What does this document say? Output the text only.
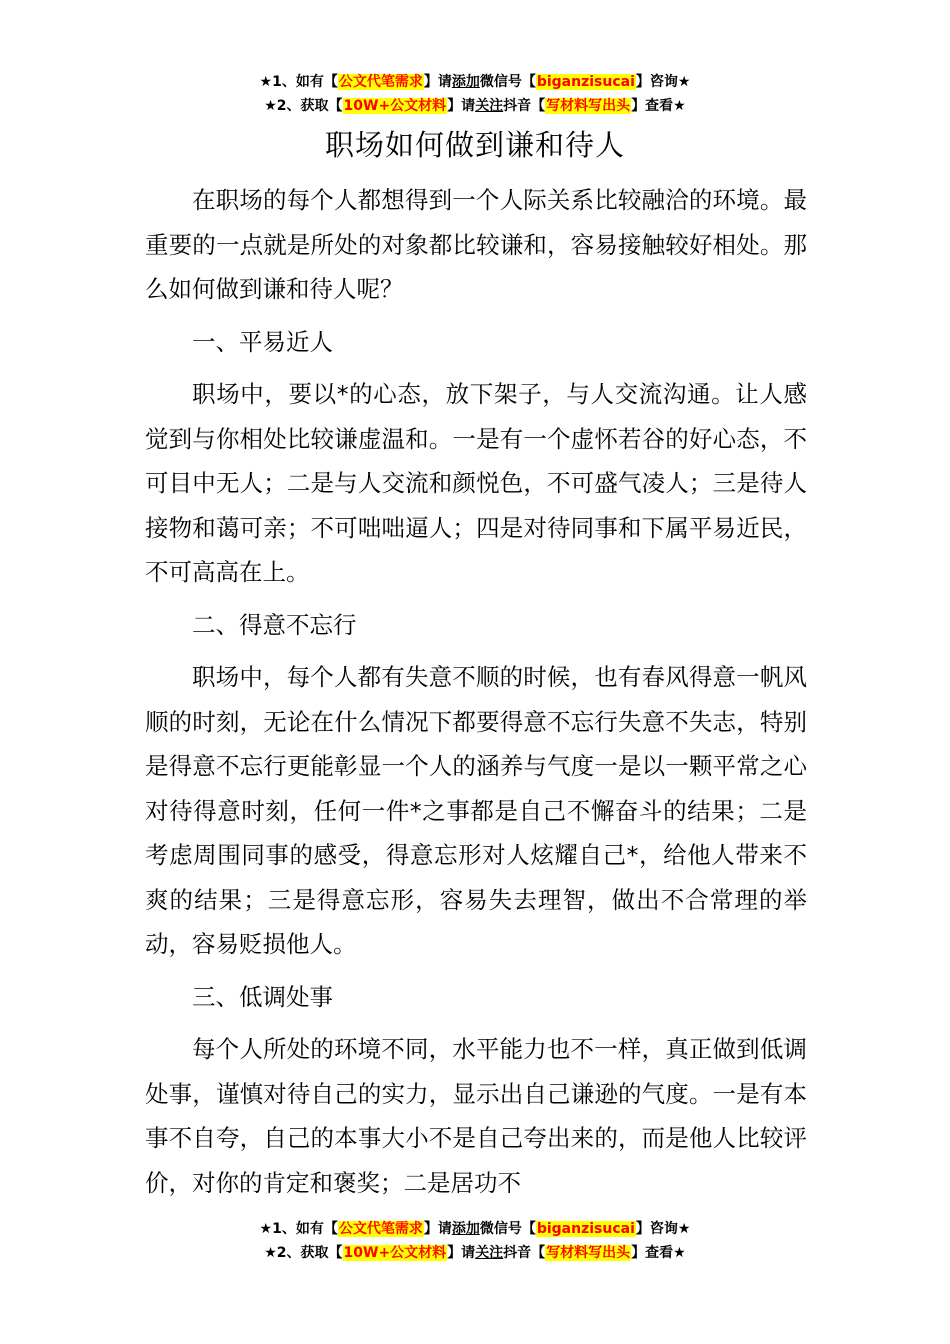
★1、如有【公文代笔需求】请添加微信号【biganzisucai】咨询★
★2、获取【10W+公文材料】请关注抖音【写材料写出头】查看★
职场如何做到谦和待人

在职场的每个人都想得到一个人际关系比较融洽的环境。最重要的一点就是所处的对象都比较谦和，容易接触较好相处。那么如何做到谦和待人呢？

一、平易近人

职场中，要以*的心态，放下架子，与人交流沟通。让人感觉到与你相处比较谦虚温和。一是有一个虚怀若谷的好心态，不可目中无人；二是与人交流和颜悦色，不可盛气凌人；三是待人接物和蔼可亲；不可咄咄逼人；四是对待同事和下属平易近民，不可高高在上。

二、得意不忘行

职场中，每个人都有失意不顺的时候，也有春风得意一帆风顺的时刻，无论在什么情况下都要得意不忘行失意不失志，特别是得意不忘行更能彰显一个人的涵养与气度一是以一颗平常之心对待得意时刻，任何一件*之事都是自己不懈奋斗的结果；二是考虑周围同事的感受，得意忘形对人炫耀自己*，给他人带来不爽的结果；三是得意忘形，容易失去理智，做出不合常理的举动，容易贬损他人。

三、低调处事

每个人所处的环境不同，水平能力也不一样，真正做到低调处事，谨慎对待自己的实力，显示出自己谦逊的气度。一是有本事不自夸，自己的本事大小不是自己夸出来的，而是他人比较评价，对你的肯定和褒奖；二是居功不

★1、如有【公文代笔需求】请添加微信号【biganzisucai】咨询★
★2、获取【10W+公文材料】请关注抖音【写材料写出头】查看★
